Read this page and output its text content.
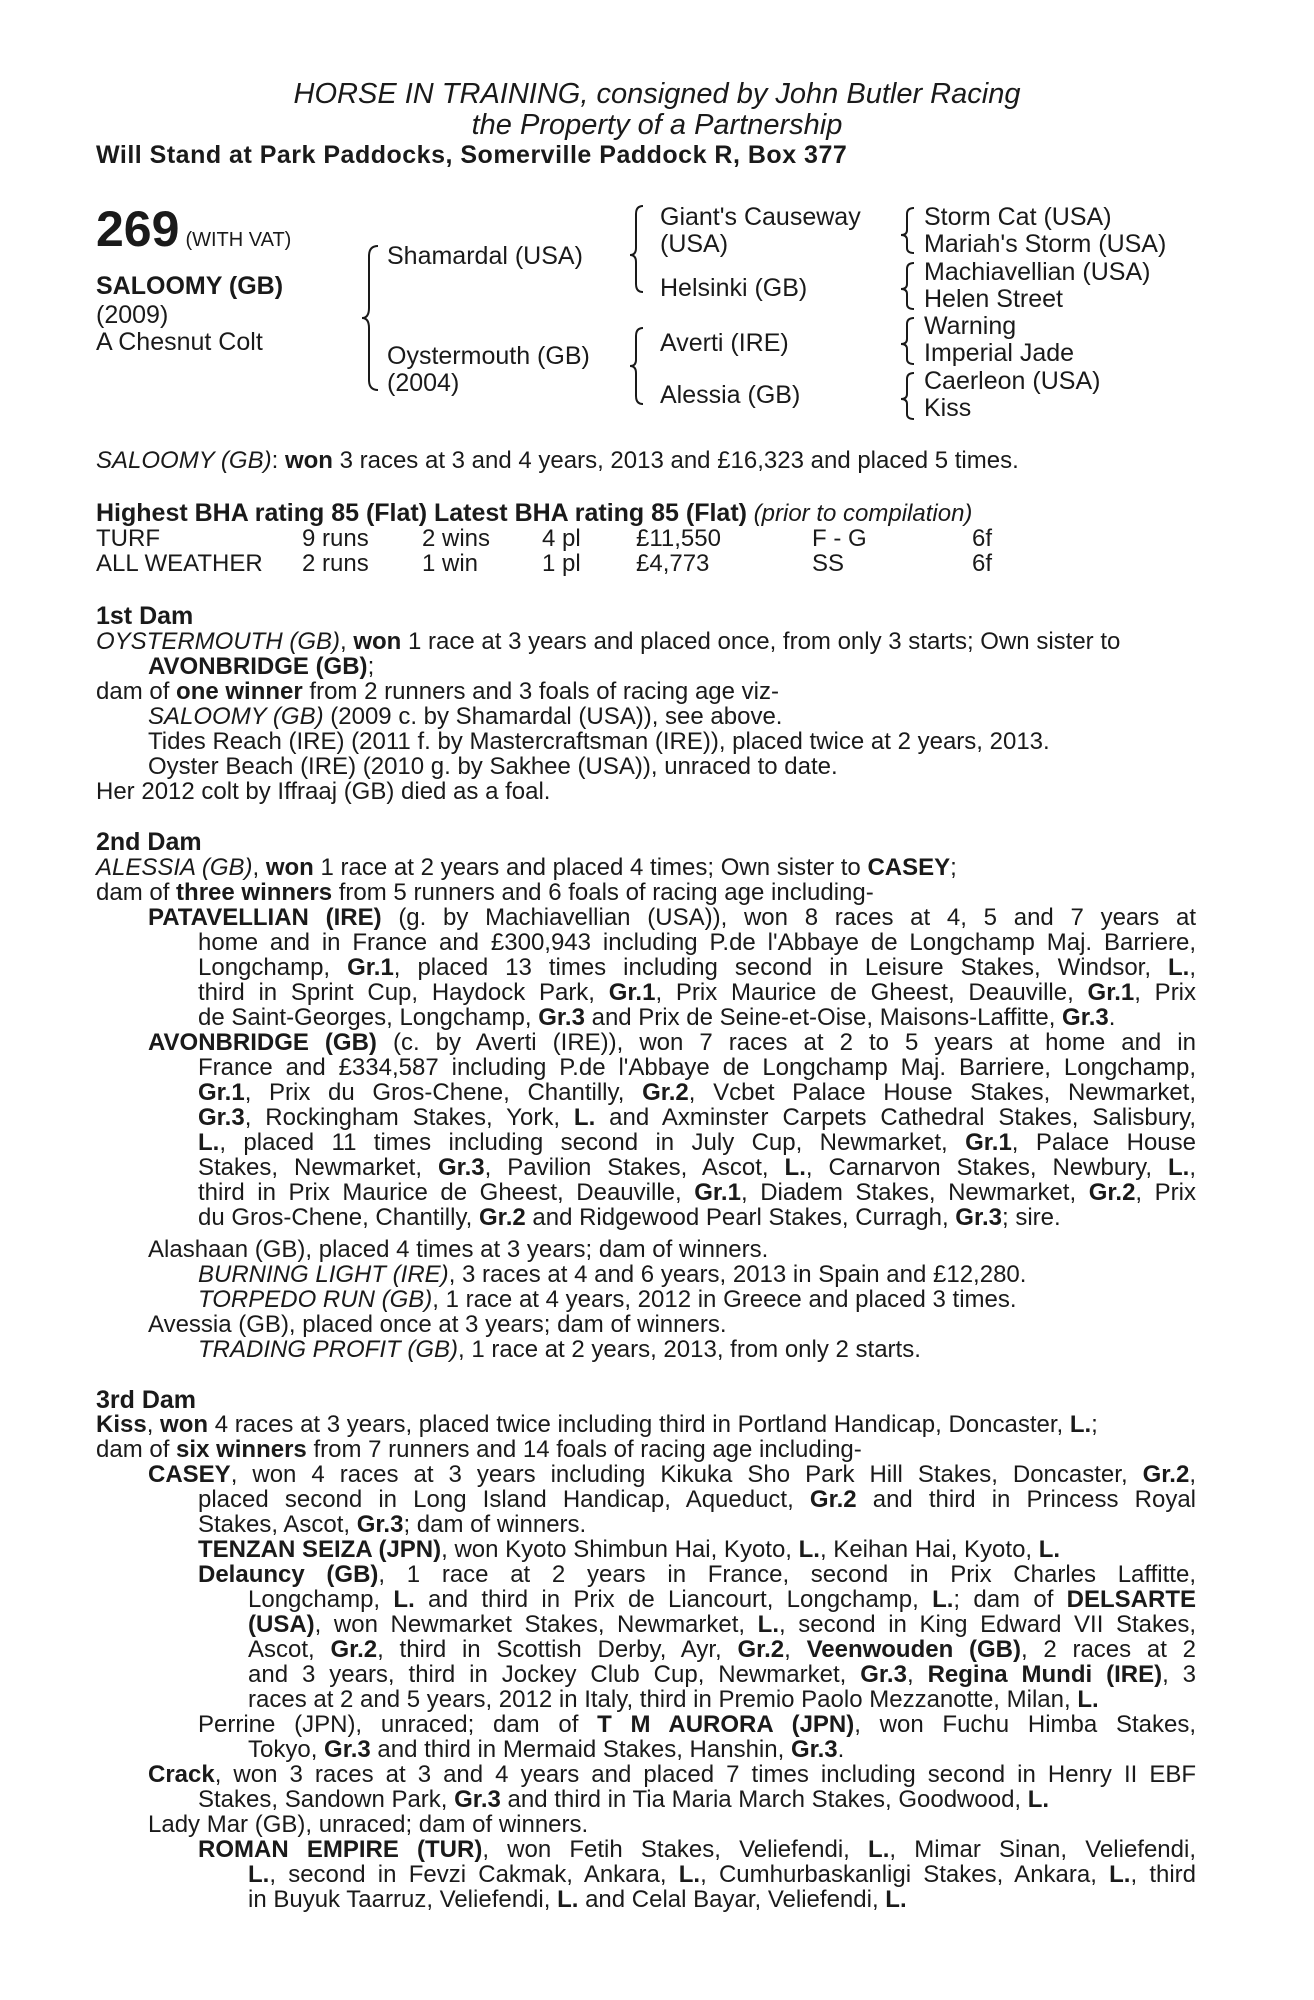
HORSE IN TRAINING, consigned by John Butler Racing
the Property of a Partnership
Will Stand at Park Paddocks, Somerville Paddock R, Box 377
269 (WITH VAT)
SALOOMY (GB)
(2009)
A Chesnut Colt
Shamardal (USA)
Oystermouth (GB)
(2004)
Giant's Causeway
(USA)
Helsinki (GB)
Averti (IRE)
Alessia (GB)
Storm Cat (USA)
Mariah's Storm (USA)
Machiavellian (USA)
Helen Street
Warning
Imperial Jade
Caerleon (USA)
Kiss
SALOOMY (GB): won 3 races at 3 and 4 years, 2013 and £16,323 and placed 5 times.
Highest BHA rating 85 (Flat) Latest BHA rating 85 (Flat) (prior to compilation)
TURF	9 runs 2 wins 4 pl £11,550	F - G	6f
ALL WEATHER 2 runs 1 win	1 pl £4,773	SS	6f
1st Dam
OYSTERMOUTH (GB), won 1 race at 3 years and placed once, from only 3 starts; Own sister to
AVONBRIDGE (GB);
dam of one winner from 2 runners and 3 foals of racing age viz-
SALOOMY (GB) (2009 c. by Shamardal (USA)), see above.
Tides Reach (IRE) (2011 f. by Mastercraftsman (IRE)), placed twice at 2 years, 2013.
Oyster Beach (IRE) (2010 g. by Sakhee (USA)), unraced to date.
Her 2012 colt by Iffraaj (GB) died as a foal.
2nd Dam
ALESSIA (GB), won 1 race at 2 years and placed 4 times; Own sister to CASEY;
dam of three winners from 5 runners and 6 foals of racing age including-
PATAVELLIAN (IRE) (g. by Machiavellian (USA)), won 8 races at 4, 5 and 7 years at
home and in France and £300,943 including P.de l'Abbaye de Longchamp Maj. Barriere,
Longchamp, Gr.1, placed 13 times including second in Leisure Stakes, Windsor, L.,
third in Sprint Cup, Haydock Park, Gr.1, Prix Maurice de Gheest, Deauville, Gr.1, Prix
de Saint-Georges, Longchamp, Gr.3 and Prix de Seine-et-Oise, Maisons-Laffitte, Gr.3.
AVONBRIDGE (GB) (c. by Averti (IRE)), won 7 races at 2 to 5 years at home and in
France and £334,587 including P.de l'Abbaye de Longchamp Maj. Barriere, Longchamp,
Gr.1, Prix du Gros-Chene, Chantilly, Gr.2, Vcbet Palace House Stakes, Newmarket,
Gr.3, Rockingham Stakes, York, L. and Axminster Carpets Cathedral Stakes, Salisbury,
L., placed 11 times including second in July Cup, Newmarket, Gr.1, Palace House
Stakes, Newmarket, Gr.3, Pavilion Stakes, Ascot, L., Carnarvon Stakes, Newbury, L.,
third in Prix Maurice de Gheest, Deauville, Gr.1, Diadem Stakes, Newmarket, Gr.2, Prix
du Gros-Chene, Chantilly, Gr.2 and Ridgewood Pearl Stakes, Curragh, Gr.3; sire.
Alashaan (GB), placed 4 times at 3 years; dam of winners.
BURNING LIGHT (IRE), 3 races at 4 and 6 years, 2013 in Spain and £12,280.
TORPEDO RUN (GB), 1 race at 4 years, 2012 in Greece and placed 3 times.
Avessia (GB), placed once at 3 years; dam of winners.
TRADING PROFIT (GB), 1 race at 2 years, 2013, from only 2 starts.
3rd Dam
Kiss, won 4 races at 3 years, placed twice including third in Portland Handicap, Doncaster, L.;
dam of six winners from 7 runners and 14 foals of racing age including-
CASEY, won 4 races at 3 years including Kikuka Sho Park Hill Stakes, Doncaster, Gr.2,
placed second in Long Island Handicap, Aqueduct, Gr.2 and third in Princess Royal
Stakes, Ascot, Gr.3; dam of winners.
TENZAN SEIZA (JPN), won Kyoto Shimbun Hai, Kyoto, L., Keihan Hai, Kyoto, L.
Delauncy (GB), 1 race at 2 years in France, second in Prix Charles Laffitte,
Longchamp, L. and third in Prix de Liancourt, Longchamp, L.; dam of DELSARTE
(USA), won Newmarket Stakes, Newmarket, L., second in King Edward VII Stakes,
Ascot, Gr.2, third in Scottish Derby, Ayr, Gr.2, Veenwouden (GB), 2 races at 2
and 3 years, third in Jockey Club Cup, Newmarket, Gr.3, Regina Mundi (IRE), 3
races at 2 and 5 years, 2012 in Italy, third in Premio Paolo Mezzanotte, Milan, L.
Perrine (JPN), unraced; dam of T M AURORA (JPN), won Fuchu Himba Stakes,
Tokyo, Gr.3 and third in Mermaid Stakes, Hanshin, Gr.3.
Crack, won 3 races at 3 and 4 years and placed 7 times including second in Henry II EBF
Stakes, Sandown Park, Gr.3 and third in Tia Maria March Stakes, Goodwood, L.
Lady Mar (GB), unraced; dam of winners.
ROMAN EMPIRE (TUR), won Fetih Stakes, Veliefendi, L., Mimar Sinan, Veliefendi,
L., second in Fevzi Cakmak, Ankara, L., Cumhurbaskanligi Stakes, Ankara, L., third
in Buyuk Taarruz, Veliefendi, L. and Celal Bayar, Veliefendi, L.
